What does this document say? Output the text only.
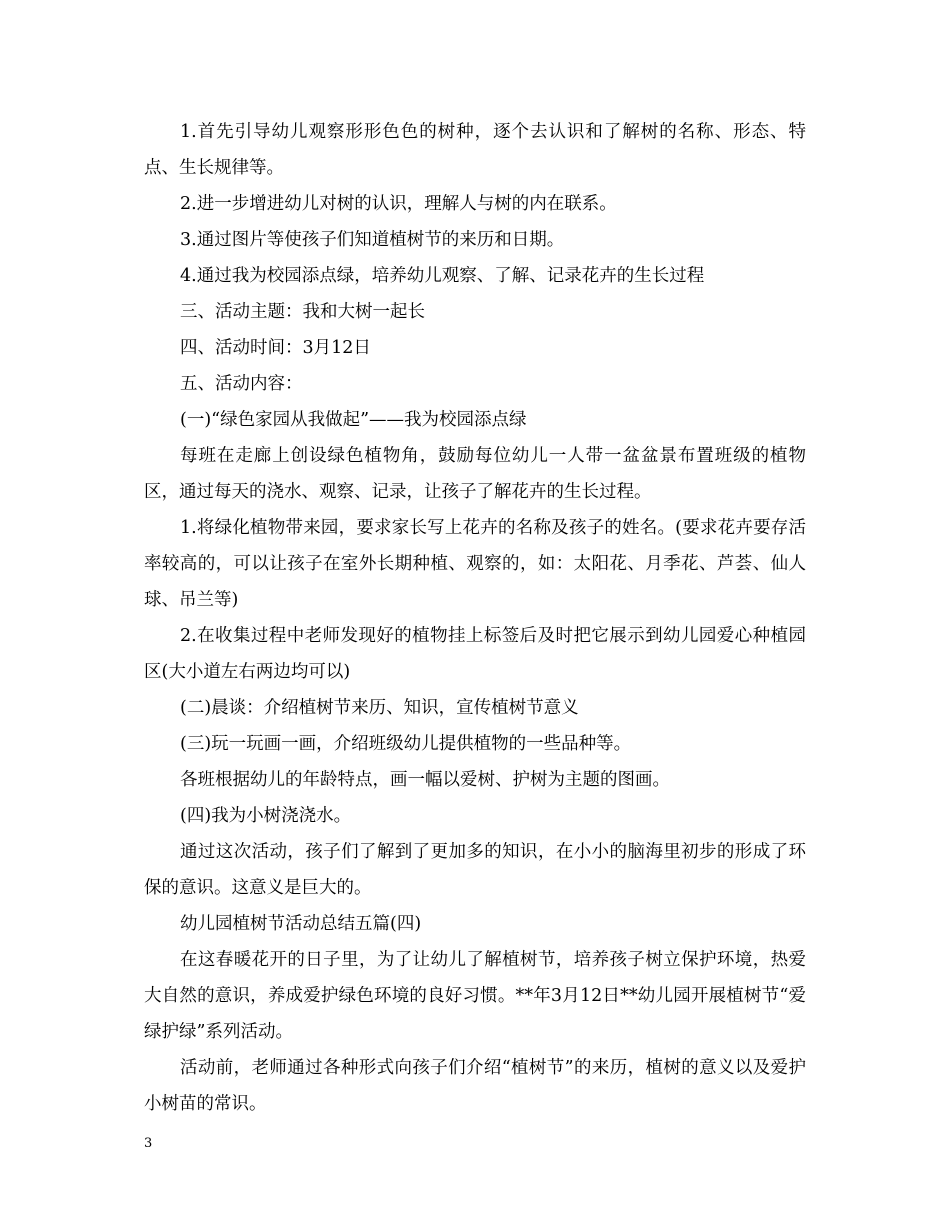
1.首先引导幼儿观察形形色色的树种，逐个去认识和了解树的名称、形态、特点、生长规律等。

2.进一步增进幼儿对树的认识，理解人与树的内在联系。

3.通过图片等使孩子们知道植树节的来历和日期。

4.通过我为校园添点绿，培养幼儿观察、了解、记录花卉的生长过程

三、活动主题：我和大树一起长

四、活动时间：3月12日

五、活动内容：

(一)“绿色家园从我做起”——我为校园添点绿

每班在走廊上创设绿色植物角，鼓励每位幼儿一人带一盆盆景布置班级的植物区，通过每天的浇水、观察、记录，让孩子了解花卉的生长过程。

1.将绿化植物带来园，要求家长写上花卉的名称及孩子的姓名。(要求花卉要存活率较高的，可以让孩子在室外长期种植、观察的，如：太阳花、月季花、芦荟、仙人球、吊兰等)

2.在收集过程中老师发现好的植物挂上标签后及时把它展示到幼儿园爱心种植园区(大小道左右两边均可以)

(二)晨谈：介绍植树节来历、知识，宣传植树节意义

(三)玩一玩画一画，介绍班级幼儿提供植物的一些品种等。

各班根据幼儿的年龄特点，画一幅以爱树、护树为主题的图画。

(四)我为小树浇浇水。

通过这次活动，孩子们了解到了更加多的知识，在小小的脑海里初步的形成了环保的意识。这意义是巨大的。

幼儿园植树节活动总结五篇(四)

在这春暖花开的日子里，为了让幼儿了解植树节，培养孩子树立保护环境，热爱大自然的意识，养成爱护绿色环境的良好习惯。**年3月12日**幼儿园开展植树节“爱绿护绿”系列活动。

活动前，老师通过各种形式向孩子们介绍“植树节”的来历，植树的意义以及爱护小树苗的常识。

3
